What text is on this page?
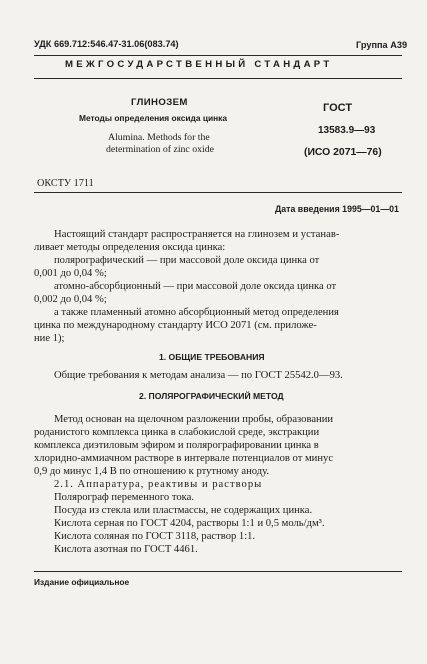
УДК 669.712:546.47-31.06(083.74)	Группа А39
МЕЖГОСУДАРСТВЕННЫЙ СТАНДАРТ
ГЛИНОЗЕМ
Методы определения оксида цинка
Alumina. Methods for the
determination of zinc oxide
ГОСТ
13583.9—93
(ИСО 2071—76)
ОКСТУ 1711
Дата введения 1995—01—01
Настоящий стандарт распространяется на глинозем и устанав-
ливает методы определения оксида цинка:
полярографический — при массовой доле оксида цинка от
0,001 до 0,04 %;
атомно-абсорбционный — при массовой доле оксида цинка от
0,002 до 0,04 %;
а также пламенный атомно абсорбционный метод определения
цинка по международному стандарту ИСО 2071 (см. приложе-
ние 1);
1. ОБЩИЕ ТРЕБОВАНИЯ
Общие требования к методам анализа — по ГОСТ 25542.0—93.
2. ПОЛЯРОГРАФИЧЕСКИЙ МЕТОД
Метод основан на щелочном разложении пробы, образовании
роданистого комплекса цинка в слабокислой среде, экстракции
комплекса диэтиловым эфиром и полярографировании цинка в
хлоридно-аммиачном растворе в интервале потенциалов от минус
0,9 до минус 1,4 В по отношению к ртутному аноду.
2.1. Аппаратура, реактивы и растворы
Полярограф переменного тока.
Посуда из стекла или пластмассы, не содержащих цинка.
Кислота серная по ГОСТ 4204, растворы 1:1 и 0,5 моль/дм³.
Кислота соляная по ГОСТ 3118, раствор 1:1.
Кислота азотная по ГОСТ 4461.
Издание официальное
